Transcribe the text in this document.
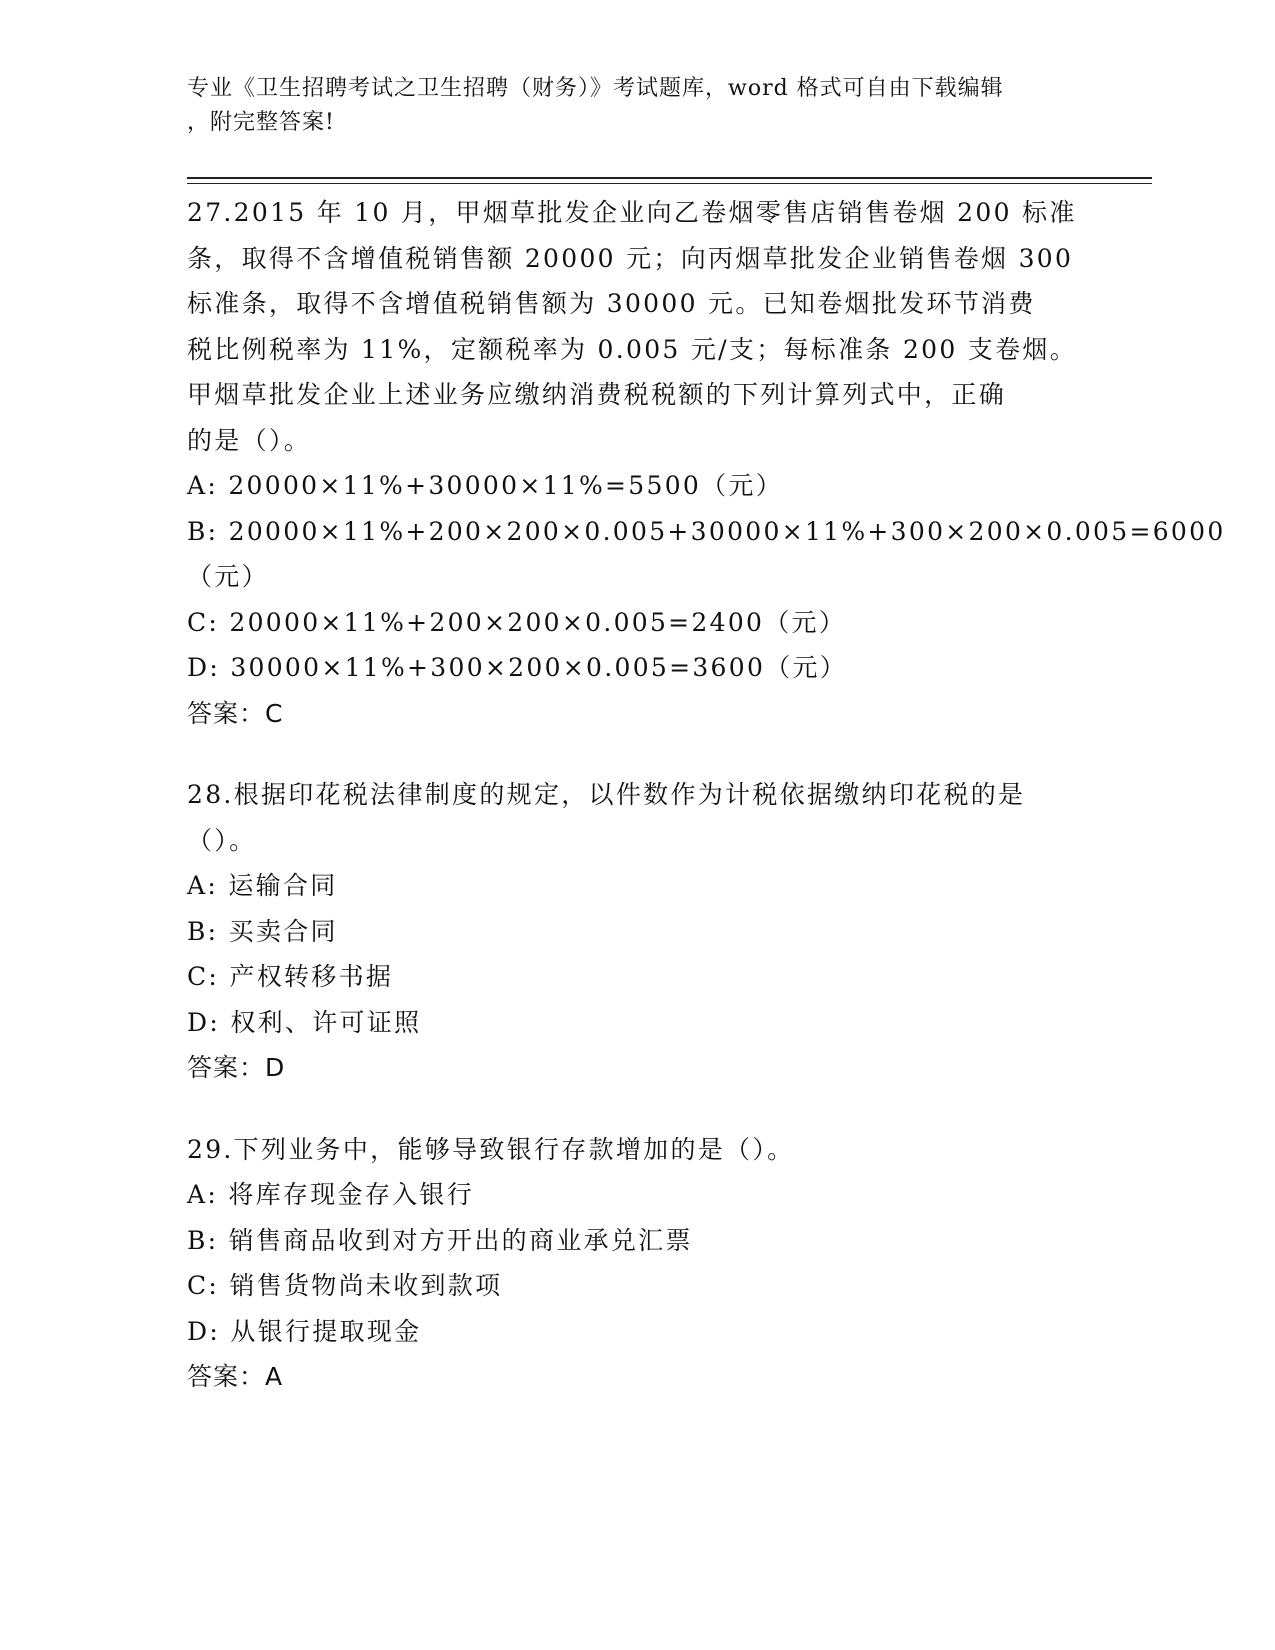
专业《卫生招聘考试之卫生招聘（财务）》考试题库，word 格式可自由下载编辑
，附完整答案!
27.2015 年 10 月，甲烟草批发企业向乙卷烟零售店销售卷烟 200 标准
条，取得不含增值税销售额 20000 元；向丙烟草批发企业销售卷烟 300
标准条，取得不含增值税销售额为 30000 元。已知卷烟批发环节消费
税比例税率为 11%，定额税率为 0.005 元/支；每标准条 200 支卷烟。
甲烟草批发企业上述业务应缴纳消费税税额的下列计算列式中，正确
的是（）。
A: 20000×11%+30000×11%=5500（元）
B: 20000×11%+200×200×0.005+30000×11%+300×200×0.005=6000
（元）
C: 20000×11%+200×200×0.005=2400（元）
D: 30000×11%+300×200×0.005=3600（元）
答案：C
28.根据印花税法律制度的规定，以件数作为计税依据缴纳印花税的是
（）。
A: 运输合同
B: 买卖合同
C: 产权转移书据
D: 权利、许可证照
答案：D
29.下列业务中，能够导致银行存款增加的是（）。
A: 将库存现金存入银行
B: 销售商品收到对方开出的商业承兑汇票
C: 销售货物尚未收到款项
D: 从银行提取现金
答案：A
